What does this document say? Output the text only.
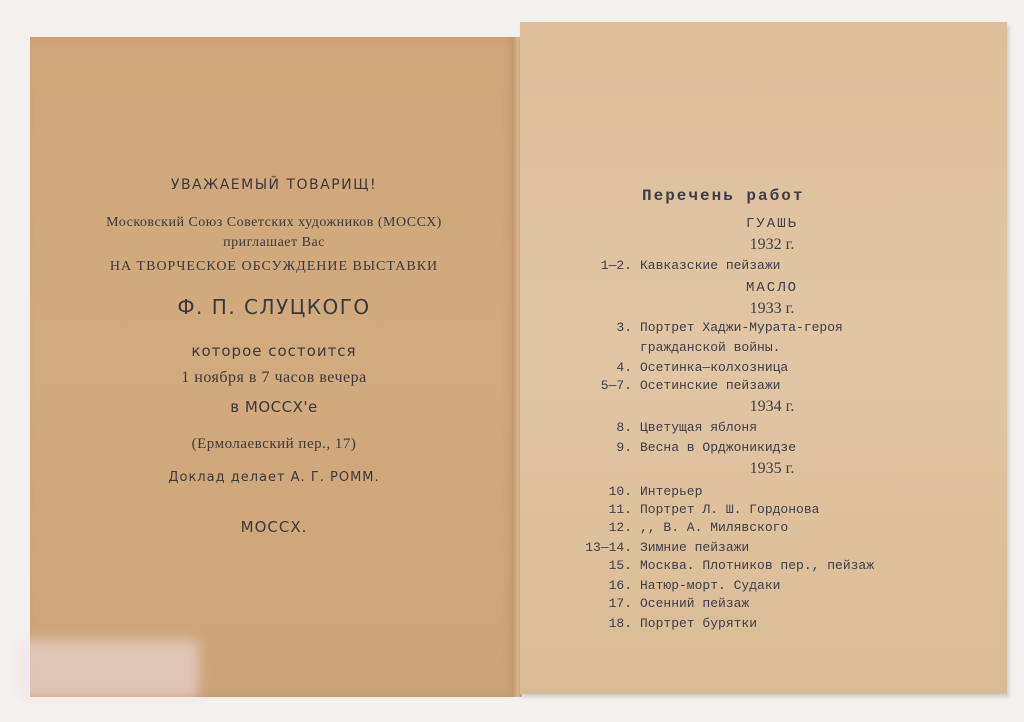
УВАЖАЕМЫЙ ТОВАРИЩ!
Московский Союз Советских художников (МОССХ)
приглашает Вас
НА ТВОРЧЕСКОЕ ОБСУЖДЕНИЕ ВЫСТАВКИ
Ф. П. СЛУЦКОГО
которое состоится
1 ноября в 7 часов вечера
в МОССХ'е
(Ермолаевский пер., 17)
Доклад делает А. Г. РОММ.
МОССХ.
Перечень работ
ГУАШЬ
1932 г.
1—2. Кавказские пейзажи
МАСЛО
1933 г.
3. Портрет Хаджи-Мурата-героя
гражданской войны.
4. Осетинка—колхозница
5—7. Осетинские пейзажи
1934 г.
8. Цветущая яблоня
9. Весна в Орджоникидзе
1935 г.
10. Интерьер
11. Портрет Л. Ш. Гордонова
12. ,, В. А. Милявского
13—14. Зимние пейзажи
15. Москва. Плотников пер., пейзаж
16. Натюр-морт. Судаки
17. Осенний пейзаж
18. Портрет бурятки
